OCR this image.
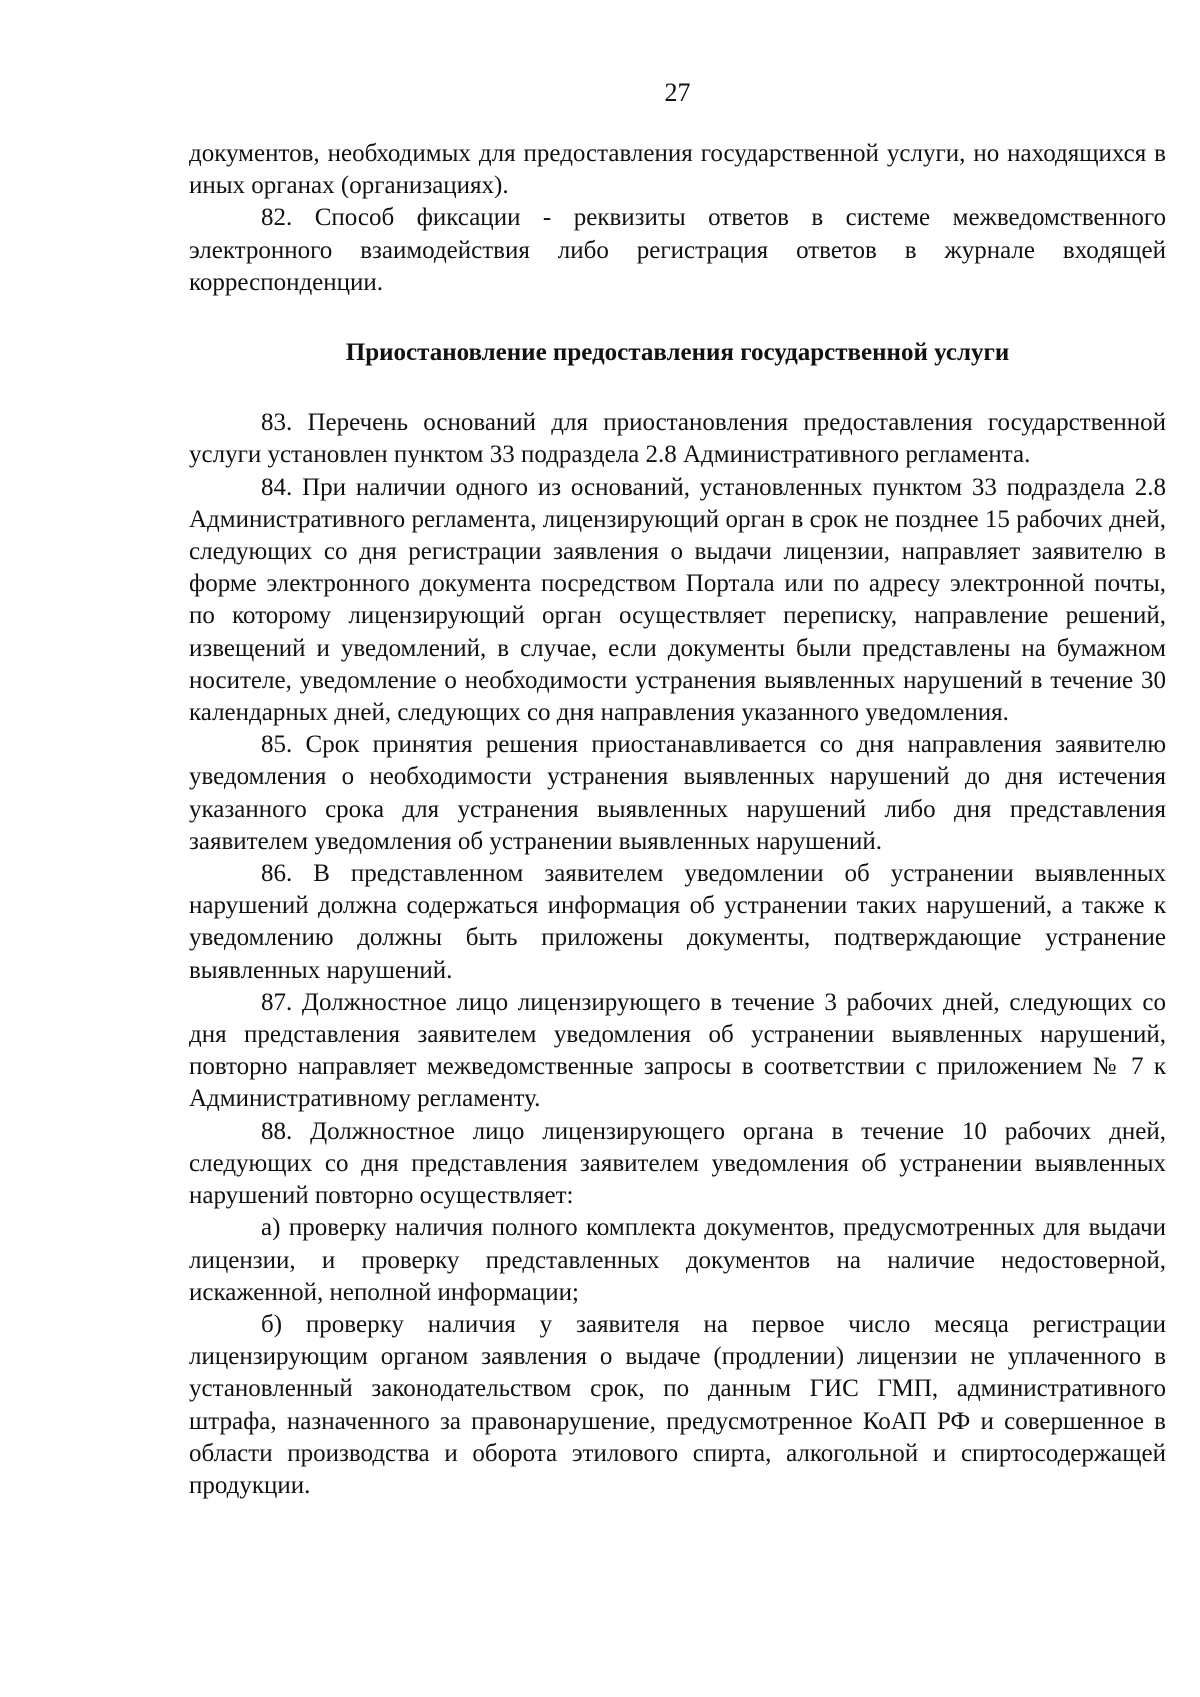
27

документов, необходимых для предоставления государственной услуги, но находящихся в иных органах (организациях).

82. Способ фиксации - реквизиты ответов в системе межведомственного электронного взаимодействия либо регистрация ответов в журнале входящей корреспонденции.

Приостановление предоставления государственной услуги

83. Перечень оснований для приостановления предоставления государственной услуги установлен пунктом 33 подраздела 2.8 Административного регламента.

84. При наличии одного из оснований, установленных пунктом 33 подраздела 2.8 Административного регламента, лицензирующий орган в срок не позднее 15 рабочих дней, следующих со дня регистрации заявления о выдачи лицензии, направляет заявителю в форме электронного документа посредством Портала или по адресу электронной почты, по которому лицензирующий орган осуществляет переписку, направление решений, извещений и уведомлений, в случае, если документы были представлены на бумажном носителе, уведомление о необходимости устранения выявленных нарушений в течение 30 календарных дней, следующих со дня направления указанного уведомления.

85. Срок принятия решения приостанавливается со дня направления заявителю уведомления о необходимости устранения выявленных нарушений до дня истечения указанного срока для устранения выявленных нарушений либо дня представления заявителем уведомления об устранении выявленных нарушений.

86. В представленном заявителем уведомлении об устранении выявленных нарушений должна содержаться информация об устранении таких нарушений, а также к уведомлению должны быть приложены документы, подтверждающие устранение выявленных нарушений.

87. Должностное лицо лицензирующего в течение 3 рабочих дней, следующих со дня представления заявителем уведомления об устранении выявленных нарушений, повторно направляет межведомственные запросы в соответствии с приложением № 7 к Административному регламенту.

88. Должностное лицо лицензирующего органа в течение 10 рабочих дней, следующих со дня представления заявителем уведомления об устранении выявленных нарушений повторно осуществляет:

а) проверку наличия полного комплекта документов, предусмотренных для выдачи лицензии, и проверку представленных документов на наличие недостоверной, искаженной, неполной информации;

б) проверку наличия у заявителя на первое число месяца регистрации лицензирующим органом заявления о выдаче (продлении) лицензии не уплаченного в установленный законодательством срок, по данным ГИС ГМП, административного штрафа, назначенного за правонарушение, предусмотренное КоАП РФ и совершенное в области производства и оборота этилового спирта, алкогольной и спиртосодержащей продукции.
